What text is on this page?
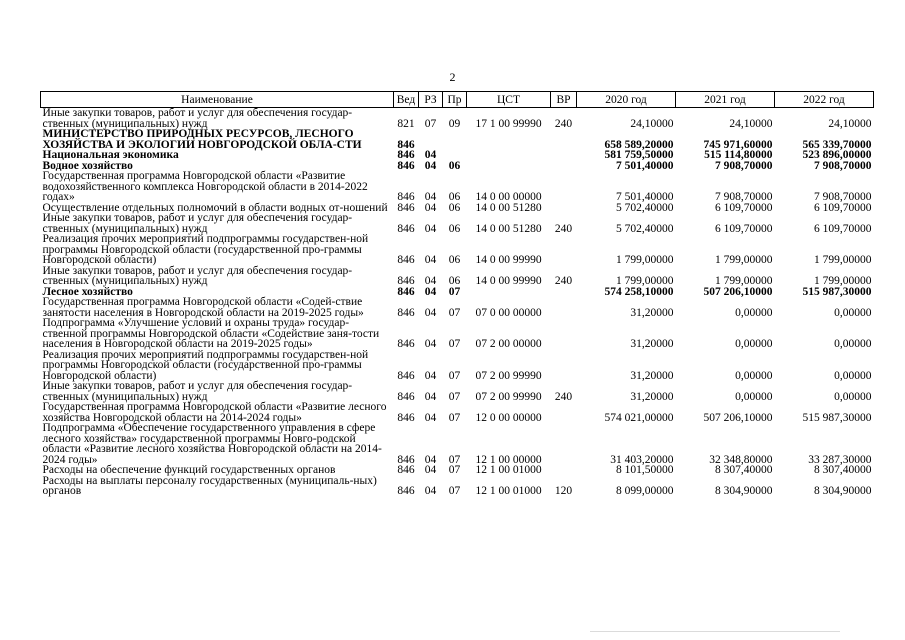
2
Наименование	Вед	РЗ	Пр	ЦСТ	ВР	2020 год	2021 год	2022 год
Иные закупки товаров, работ и услуг для обеспечения государ-ственных (муниципальных) нужд	821	07	09	17 1 00 99990	240	24,10000	24,10000	24,10000
МИНИСТЕРСТВО ПРИРОДНЫХ РЕСУРСОВ, ЛЕСНОГО ХОЗЯЙСТВА И ЭКОЛОГИИ НОВГОРОДСКОЙ ОБЛА-СТИ	846					658 589,20000	745 971,60000	565 339,70000
Национальная экономика	846	04				581 759,50000	515 114,80000	523 896,00000
Водное хозяйство	846	04	06			7 501,40000	7 908,70000	7 908,70000
Государственная программа Новгородской области «Развитие водохозяйственного комплекса Новгородской области в 2014-2022 годах»	846	04	06	14 0 00 00000		7 501,40000	7 908,70000	7 908,70000
Осуществление отдельных полномочий в области водных от-ношений	846	04	06	14 0 00 51280		5 702,40000	6 109,70000	6 109,70000
Иные закупки товаров, работ и услуг для обеспечения государ-ственных (муниципальных) нужд	846	04	06	14 0 00 51280	240	5 702,40000	6 109,70000	6 109,70000
Реализация прочих мероприятий подпрограммы государствен-ной программы Новгородской области (государственной про-граммы Новгородской области)	846	04	06	14 0 00 99990		1 799,00000	1 799,00000	1 799,00000
Иные закупки товаров, работ и услуг для обеспечения государ-ственных (муниципальных) нужд	846	04	06	14 0 00 99990	240	1 799,00000	1 799,00000	1 799,00000
Лесное хозяйство	846	04	07			574 258,10000	507 206,10000	515 987,30000
Государственная программа Новгородской области «Содей-ствие занятости населения в Новгородской области на 2019-2025 годы»	846	04	07	07 0 00 00000		31,20000	0,00000	0,00000
Подпрограмма «Улучшение условий и охраны труда» государ-ственной программы Новгородской области «Содействие заня-тости населения в Новгородской области на 2019-2025 годы»	846	04	07	07 2 00 00000		31,20000	0,00000	0,00000
Реализация прочих мероприятий подпрограммы государствен-ной программы Новгородской области (государственной про-граммы Новгородской области)	846	04	07	07 2 00 99990		31,20000	0,00000	0,00000
Иные закупки товаров, работ и услуг для обеспечения государ-ственных (муниципальных) нужд	846	04	07	07 2 00 99990	240	31,20000	0,00000	0,00000
Государственная программа Новгородской области «Развитие лесного хозяйства Новгородской области на 2014-2024 годы»	846	04	07	12 0 00 00000		574 021,00000	507 206,10000	515 987,30000
Подпрограмма «Обеспечение государственного управления в сфере лесного хозяйства» государственной программы Новго-родской области «Развитие лесного хозяйства Новгородской области на 2014-2024 годы»	846	04	07	12 1 00 00000		31 403,20000	32 348,80000	33 287,30000
Расходы на обеспечение функций государственных органов	846	04	07	12 1 00 01000		8 101,50000	8 307,40000	8 307,40000
Расходы на выплаты персоналу государственных (муниципаль-ных) органов	846	04	07	12 1 00 01000	120	8 099,00000	8 304,90000	8 304,90000
